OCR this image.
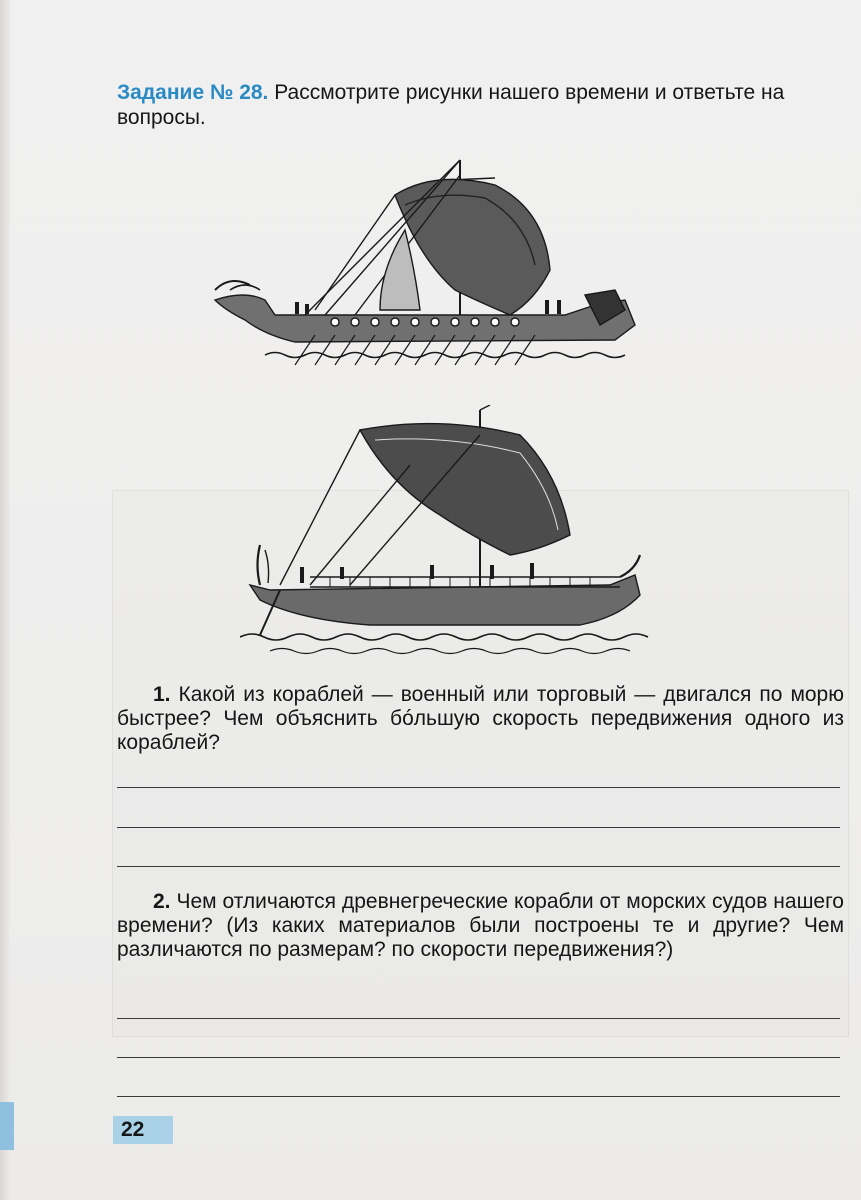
Задание № 28. Рассмотрите рисунки нашего времени и ответьте на вопросы.
1. Какой из кораблей — военный или торговый — двигался по морю быстрее? Чем объяснить бóльшую скорость передвижения одного из кораблей?
2. Чем отличаются древнегреческие корабли от морских судов нашего времени? (Из каких материалов были построены те и другие? Чем различаются по размерам? по скорости передвижения?)
22
